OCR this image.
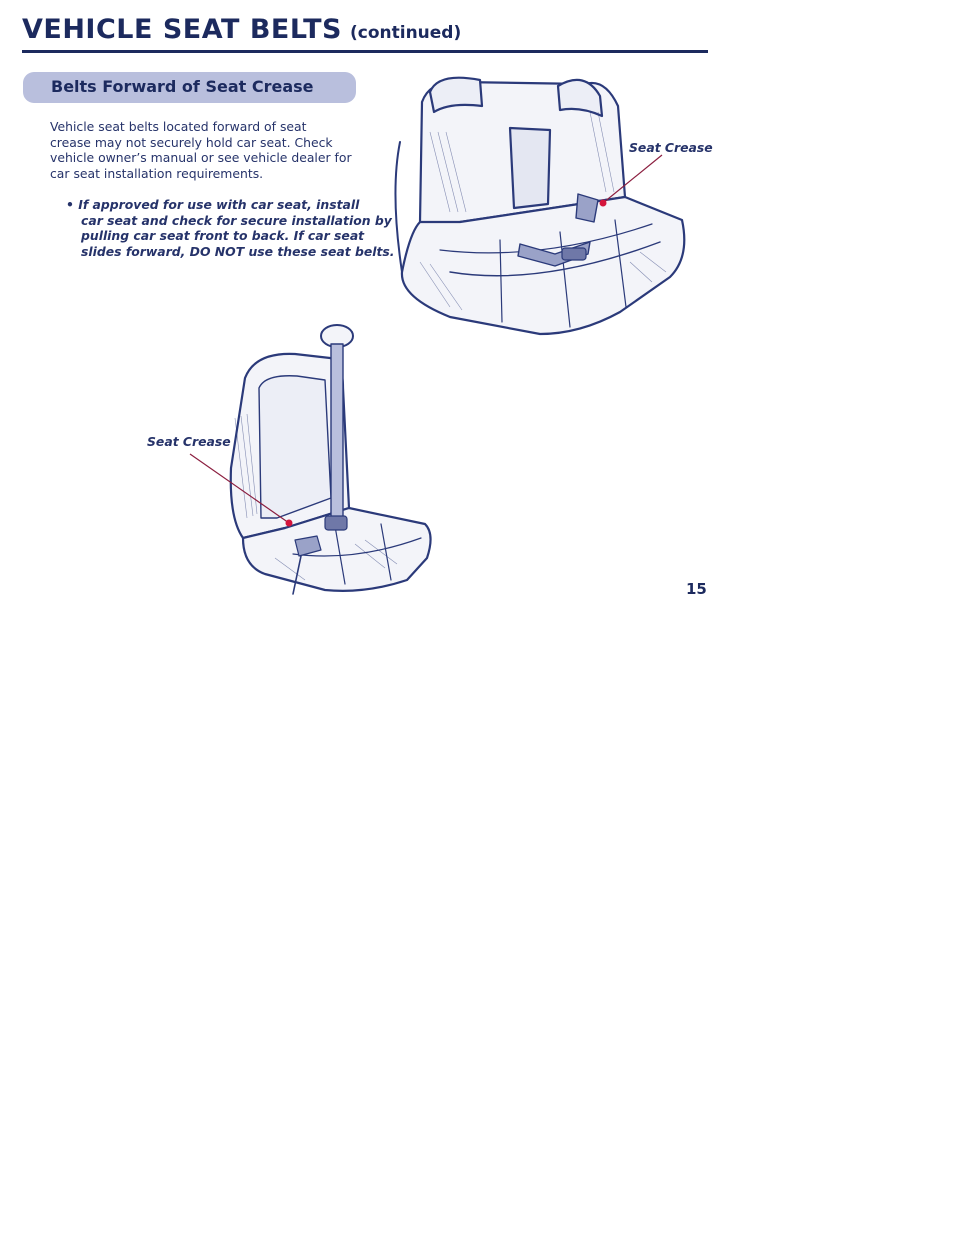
VEHICLE SEAT BELTS (continued)
Belts Forward of Seat Crease
Vehicle seat belts located forward of seat
crease may not securely hold car seat. Check
vehicle owner’s manual or see vehicle dealer for
car seat installation requirements.
• If approved for use with car seat, install
car seat and check for secure installation by
pulling car seat front to back. If car seat
slides forward, DO NOT use these seat belts.
Seat Crease
Seat Crease
15
